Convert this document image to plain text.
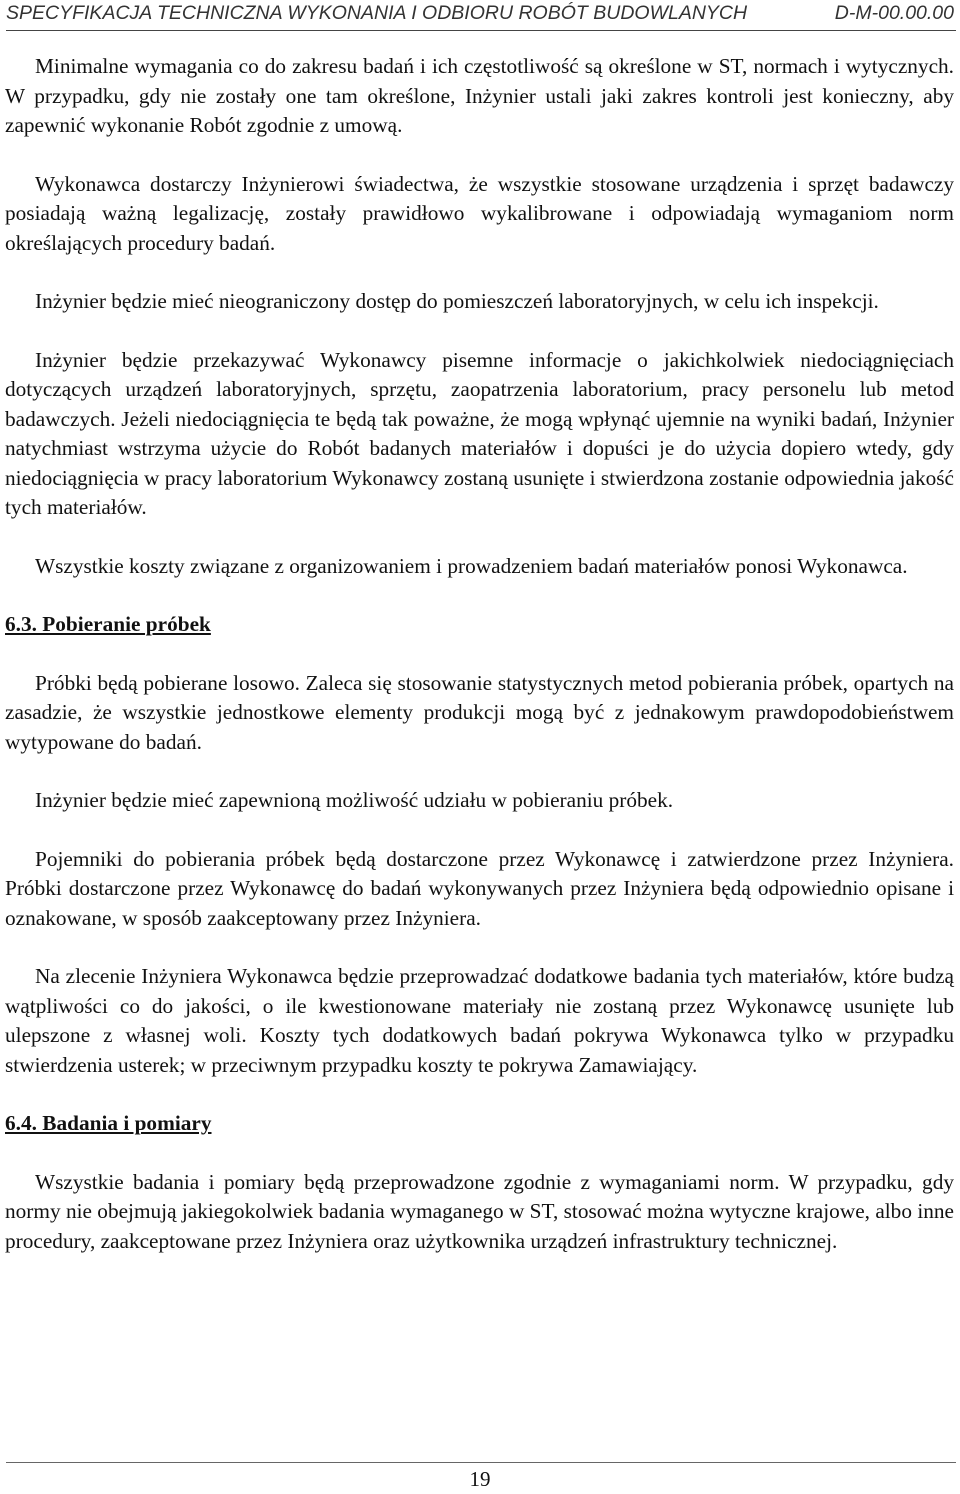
SPECYFIKACJA TECHNICZNA WYKONANIA I ODBIORU ROBÓT BUDOWLANYCH	D-M-00.00.00

Minimalne wymagania co do zakresu badań i ich częstotliwość są określone w ST, normach i wytycznych. W przypadku, gdy nie zostały one tam określone, Inżynier ustali jaki zakres kontroli jest konieczny, aby zapewnić wykonanie Robót zgodnie z umową.

Wykonawca dostarczy Inżynierowi świadectwa, że wszystkie stosowane urządzenia i sprzęt badawczy posiadają ważną legalizację, zostały prawidłowo wykalibrowane i odpowiadają wymaganiom norm określających procedury badań.

Inżynier będzie mieć nieograniczony dostęp do pomieszczeń laboratoryjnych, w celu ich inspekcji.

Inżynier będzie przekazywać Wykonawcy pisemne informacje o jakichkolwiek niedociągnięciach dotyczących urządzeń laboratoryjnych, sprzętu, zaopatrzenia laboratorium, pracy personelu lub metod badawczych. Jeżeli niedociągnięcia te będą tak poważne, że mogą wpłynąć ujemnie na wyniki badań, Inżynier natychmiast wstrzyma użycie do Robót badanych materiałów i dopuści je do użycia dopiero wtedy, gdy niedociągnięcia w pracy laboratorium Wykonawcy zostaną usunięte i stwierdzona zostanie odpowiednia jakość tych materiałów.

Wszystkie koszty związane z organizowaniem i prowadzeniem badań materiałów ponosi Wykonawca.

6.3. Pobieranie próbek

Próbki będą pobierane losowo. Zaleca się stosowanie statystycznych metod pobierania próbek, opartych na zasadzie, że wszystkie jednostkowe elementy produkcji mogą być z jednakowym prawdopodobieństwem wytypowane do badań.

Inżynier będzie mieć zapewnioną możliwość udziału w pobieraniu próbek.

Pojemniki do pobierania próbek będą dostarczone przez Wykonawcę i zatwierdzone przez Inżyniera. Próbki dostarczone przez Wykonawcę do badań wykonywanych przez Inżyniera będą odpowiednio opisane i oznakowane, w sposób zaakceptowany przez Inżyniera.

Na zlecenie Inżyniera Wykonawca będzie przeprowadzać dodatkowe badania tych materiałów, które budzą wątpliwości co do jakości, o ile kwestionowane materiały nie zostaną przez Wykonawcę usunięte lub ulepszone z własnej woli. Koszty tych dodatkowych badań pokrywa Wykonawca tylko w przypadku stwierdzenia usterek; w przeciwnym przypadku koszty te pokrywa Zamawiający.

6.4. Badania i pomiary

Wszystkie badania i pomiary będą przeprowadzone zgodnie z wymaganiami norm. W przypadku, gdy normy nie obejmują jakiegokolwiek badania wymaganego w ST, stosować można wytyczne krajowe, albo inne procedury, zaakceptowane przez Inżyniera oraz użytkownika urządzeń infrastruktury technicznej.

19
